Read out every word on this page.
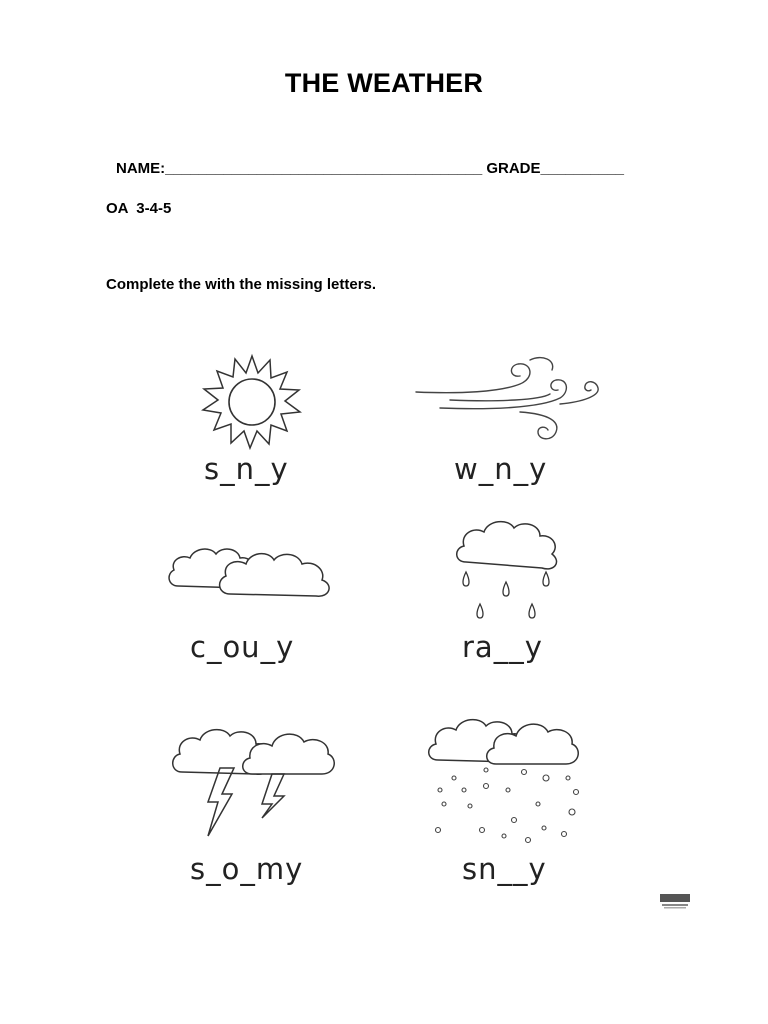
THE WEATHER
NAME:______________________________________ GRADE__________
OA  3-4-5
Complete the with the missing letters.
s_n_y	w_n_y
c_ou_y	ra__y
s_o_my	sn__y
